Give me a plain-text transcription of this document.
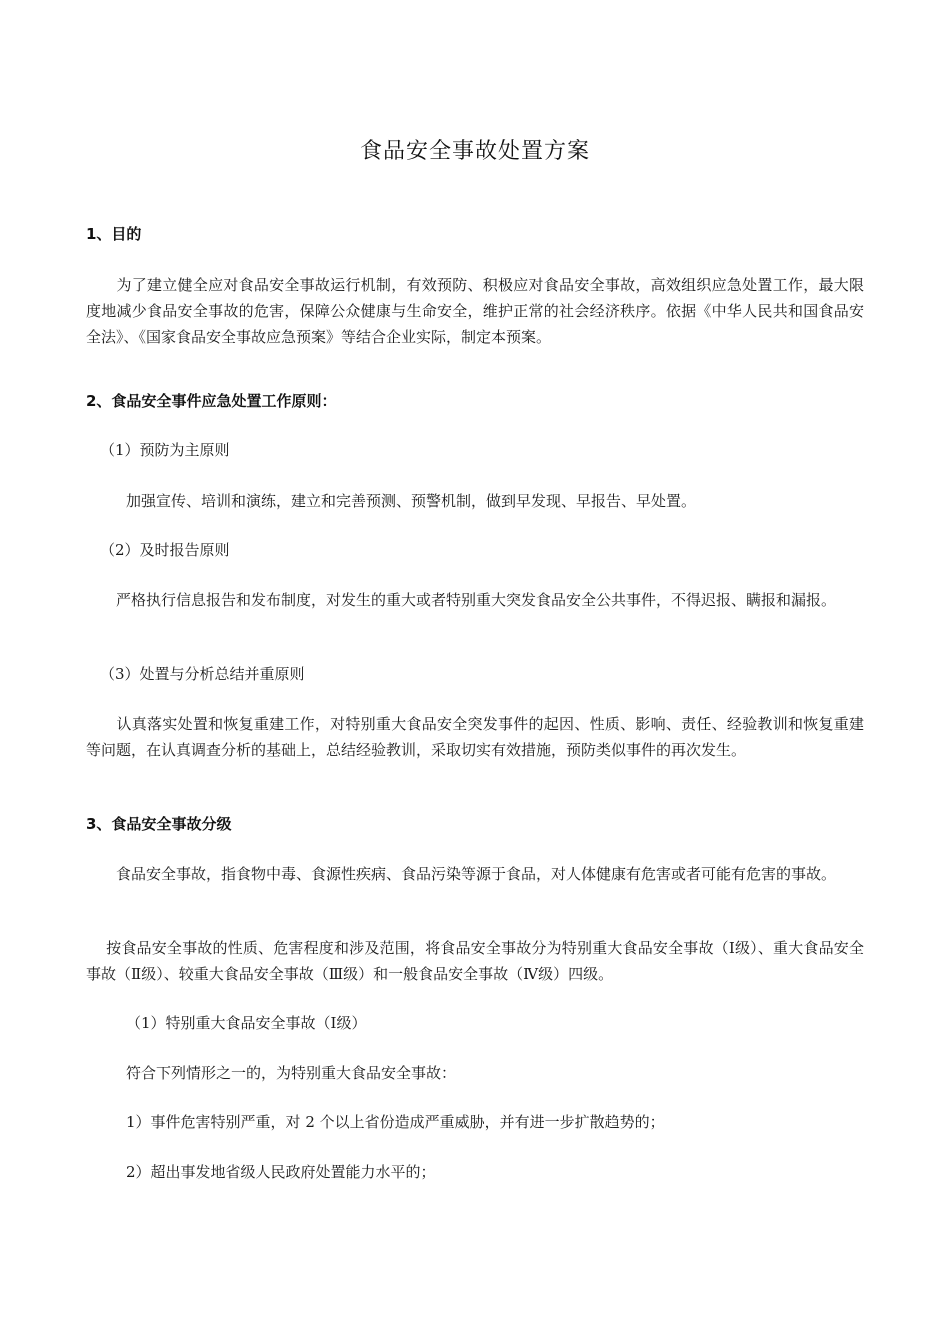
食品安全事故处置方案
1、目的
　　为了建立健全应对食品安全事故运行机制，有效预防、积极应对食品安全事故，高效组织应急处置工作，最大限度地减少食品安全事故的危害，保障公众健康与生命安全，维护正常的社会经济秩序。依据《中华人民共和国食品安全法》、《国家食品安全事故应急预案》等结合企业实际，制定本预案。
2、食品安全事件应急处置工作原则：
（1）预防为主原则
加强宣传、培训和演练，建立和完善预测、预警机制，做到早发现、早报告、早处置。
（2）及时报告原则
　　严格执行信息报告和发布制度，对发生的重大或者特别重大突发食品安全公共事件，不得迟报、瞒报和漏报。
（3）处置与分析总结并重原则
　　认真落实处置和恢复重建工作，对特别重大食品安全突发事件的起因、性质、影响、责任、经验教训和恢复重建等问题，在认真调查分析的基础上，总结经验教训，采取切实有效措施，预防类似事件的再次发生。
3、食品安全事故分级
　　食品安全事故，指食物中毒、食源性疾病、食品污染等源于食品，对人体健康有危害或者可能有危害的事故。
　 按食品安全事故的性质、危害程度和涉及范围，将食品安全事故分为特别重大食品安全事故（Ⅰ级）、重大食品安全事故（Ⅱ级）、较重大食品安全事故（Ⅲ级）和一般食品安全事故（Ⅳ级）四级。
（1）特别重大食品安全事故（Ⅰ级）
符合下列情形之一的，为特别重大食品安全事故：
1）事件危害特别严重，对 2 个以上省份造成严重威胁，并有进一步扩散趋势的；
2）超出事发地省级人民政府处置能力水平的；
